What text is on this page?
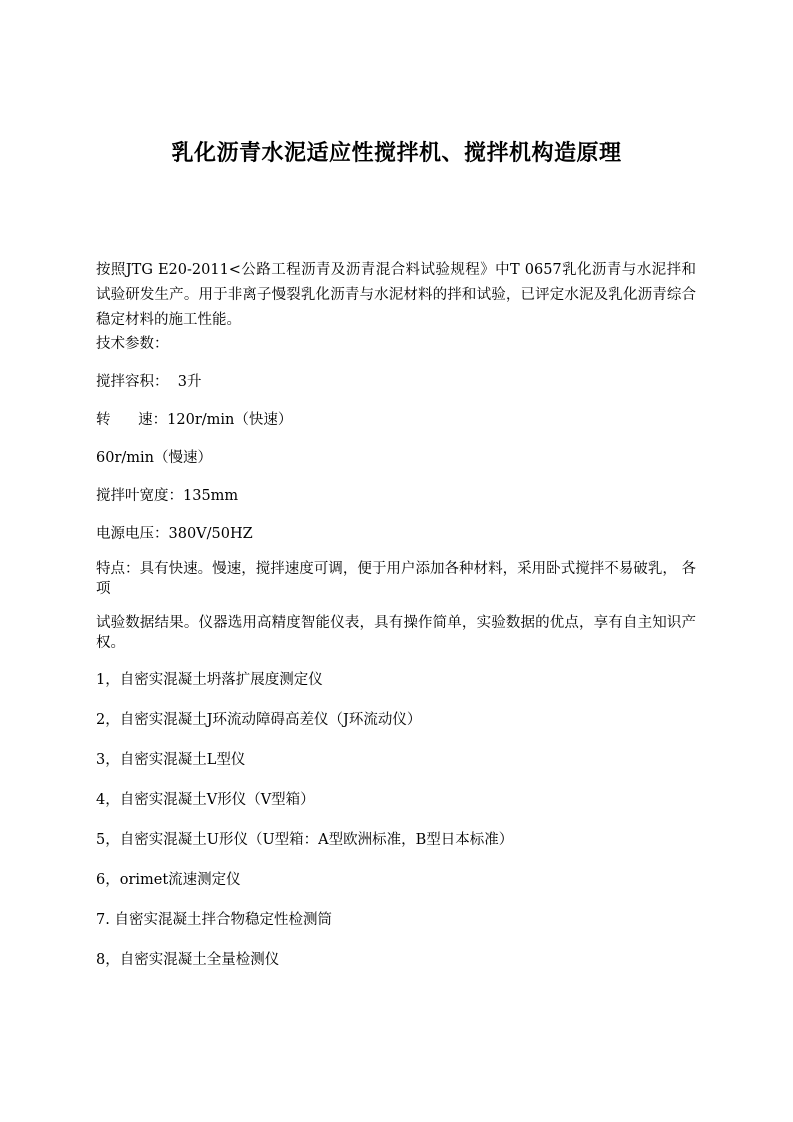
乳化沥青水泥适应性搅拌机、搅拌机构造原理

按照JTG E20-2011<公路工程沥青及沥青混合料试验规程》中T 0657乳化沥青与水泥拌和试验研发生产。用于非离子慢裂乳化沥青与水泥材料的拌和试验，已评定水泥及乳化沥青综合稳定材料的施工性能。

技术参数：

搅拌容积：  3升

转      速：120r/min（快速）

60r/min（慢速）

搅拌叶宽度：135mm

电源电压：380V/50HZ

特点：具有快速。慢速，搅拌速度可调，便于用户添加各种材料，采用卧式搅拌不易破乳， 各项

试验数据结果。仪器选用高精度智能仪表，具有操作简单，实验数据的优点，享有自主知识产权。

1，自密实混凝土坍落扩展度测定仪

2，自密实混凝土J环流动障碍高差仪（J环流动仪）

3，自密实混凝土L型仪

4，自密实混凝土V形仪（V型箱）

5，自密实混凝土U形仪（U型箱：A型欧洲标准，B型日本标准）

6，orimet流速测定仪

7. 自密实混凝土拌合物稳定性检测筒

8，自密实混凝土全量检测仪
